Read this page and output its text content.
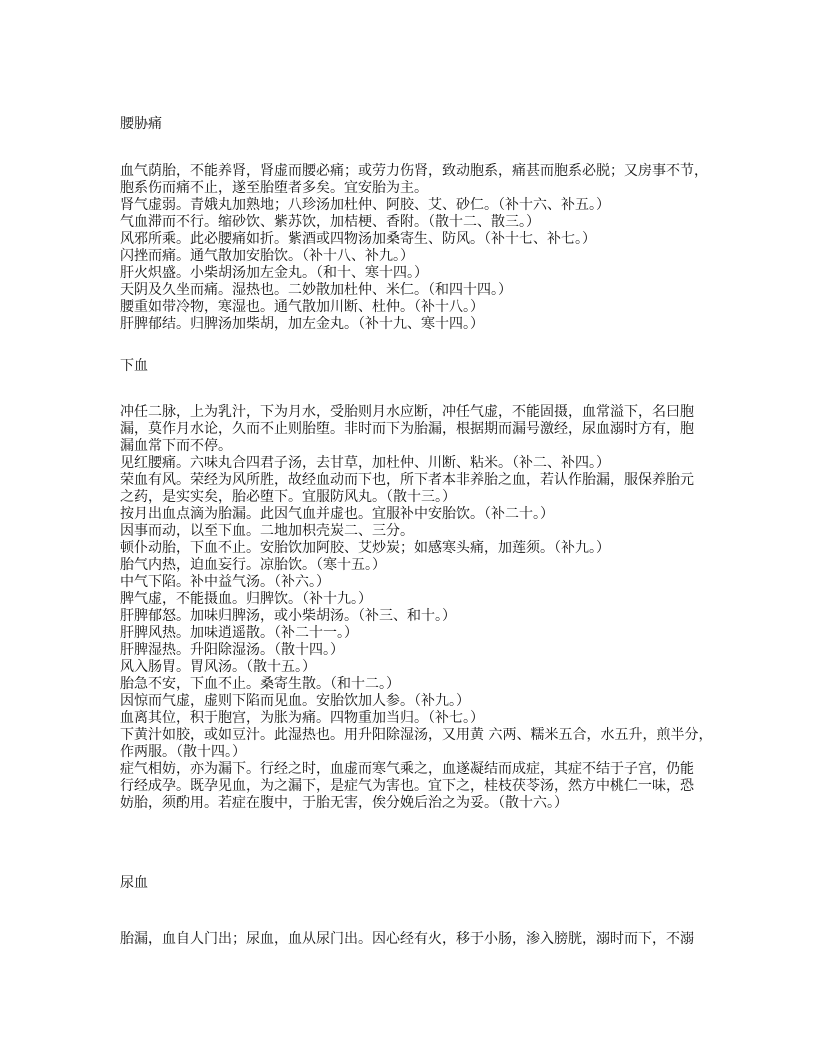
腰胁痛
血气荫胎，不能养肾，肾虚而腰必痛；或劳力伤肾，致动胞系，痛甚而胞系必脱；又房事不节，
胞系伤而痛不止，遂至胎堕者多矣。宜安胎为主。
肾气虚弱。青娥丸加熟地；八珍汤加杜仲、阿胶、艾、砂仁。（补十六、补五。）
气血滞而不行。缩砂饮、紫苏饮，加桔梗、香附。（散十二、散三。）
风邪所乘。此必腰痛如折。紫酒或四物汤加桑寄生、防风。（补十七、补七。）
闪挫而痛。通气散加安胎饮。（补十八、补九。）
肝火炽盛。小柴胡汤加左金丸。（和十、寒十四。）
天阴及久坐而痛。湿热也。二妙散加杜仲、米仁。（和四十四。）
腰重如带冷物，寒湿也。通气散加川断、杜仲。（补十八。）
肝脾郁结。归脾汤加柴胡，加左金丸。（补十九、寒十四。）
下血
冲任二脉，上为乳汁，下为月水，受胎则月水应断，冲任气虚，不能固摄，血常溢下，名曰胞
漏，莫作月水论，久而不止则胎堕。非时而下为胎漏，根据期而漏号激经，尿血溺时方有，胞
漏血常下而不停。
见红腰痛。六味丸合四君子汤，去甘草，加杜仲、川断、粘米。（补二、补四。）
荣血有风。荣经为风所胜，故经血动而下也，所下者本非养胎之血，若认作胎漏，服保养胎元
之药，是实实矣，胎必堕下。宜服防风丸。（散十三。）
按月出血点滴为胎漏。此因气血并虚也。宜服补中安胎饮。（补二十。）
因事而动，以至下血。二地加枳壳炭二、三分。
顿仆动胎，下血不止。安胎饮加阿胶、艾炒炭；如感寒头痛，加莲须。（补九。）
胎气内热，迫血妄行。凉胎饮。（寒十五。）
中气下陷。补中益气汤。（补六。）
脾气虚，不能摄血。归脾饮。（补十九。）
肝脾郁怒。加味归脾汤，或小柴胡汤。（补三、和十。）
肝脾风热。加味逍遥散。（补二十一。）
肝脾湿热。升阳除湿汤。（散十四。）
风入肠胃。胃风汤。（散十五。）
胎急不安，下血不止。桑寄生散。（和十二。）
因惊而气虚，虚则下陷而见血。安胎饮加人参。（补九。）
血离其位，积于胞宫，为胀为痛。四物重加当归。（补七。）
下黄汁如胶，或如豆汁。此湿热也。用升阳除湿汤，又用黄 六两、糯米五合，水五升，煎半分，
作两服。（散十四。）
症气相妨，亦为漏下。行经之时，血虚而寒气乘之，血遂凝结而成症，其症不结于子宫，仍能
行经成孕。既孕见血，为之漏下，是症气为害也。宜下之，桂枝茯苓汤，然方中桃仁一味，恐
妨胎，须酌用。若症在腹中，于胎无害，俟分娩后治之为妥。（散十六。）
尿血
胎漏，血自人门出；尿血，血从尿门出。因心经有火，移于小肠，渗入膀胱，溺时而下，不溺
